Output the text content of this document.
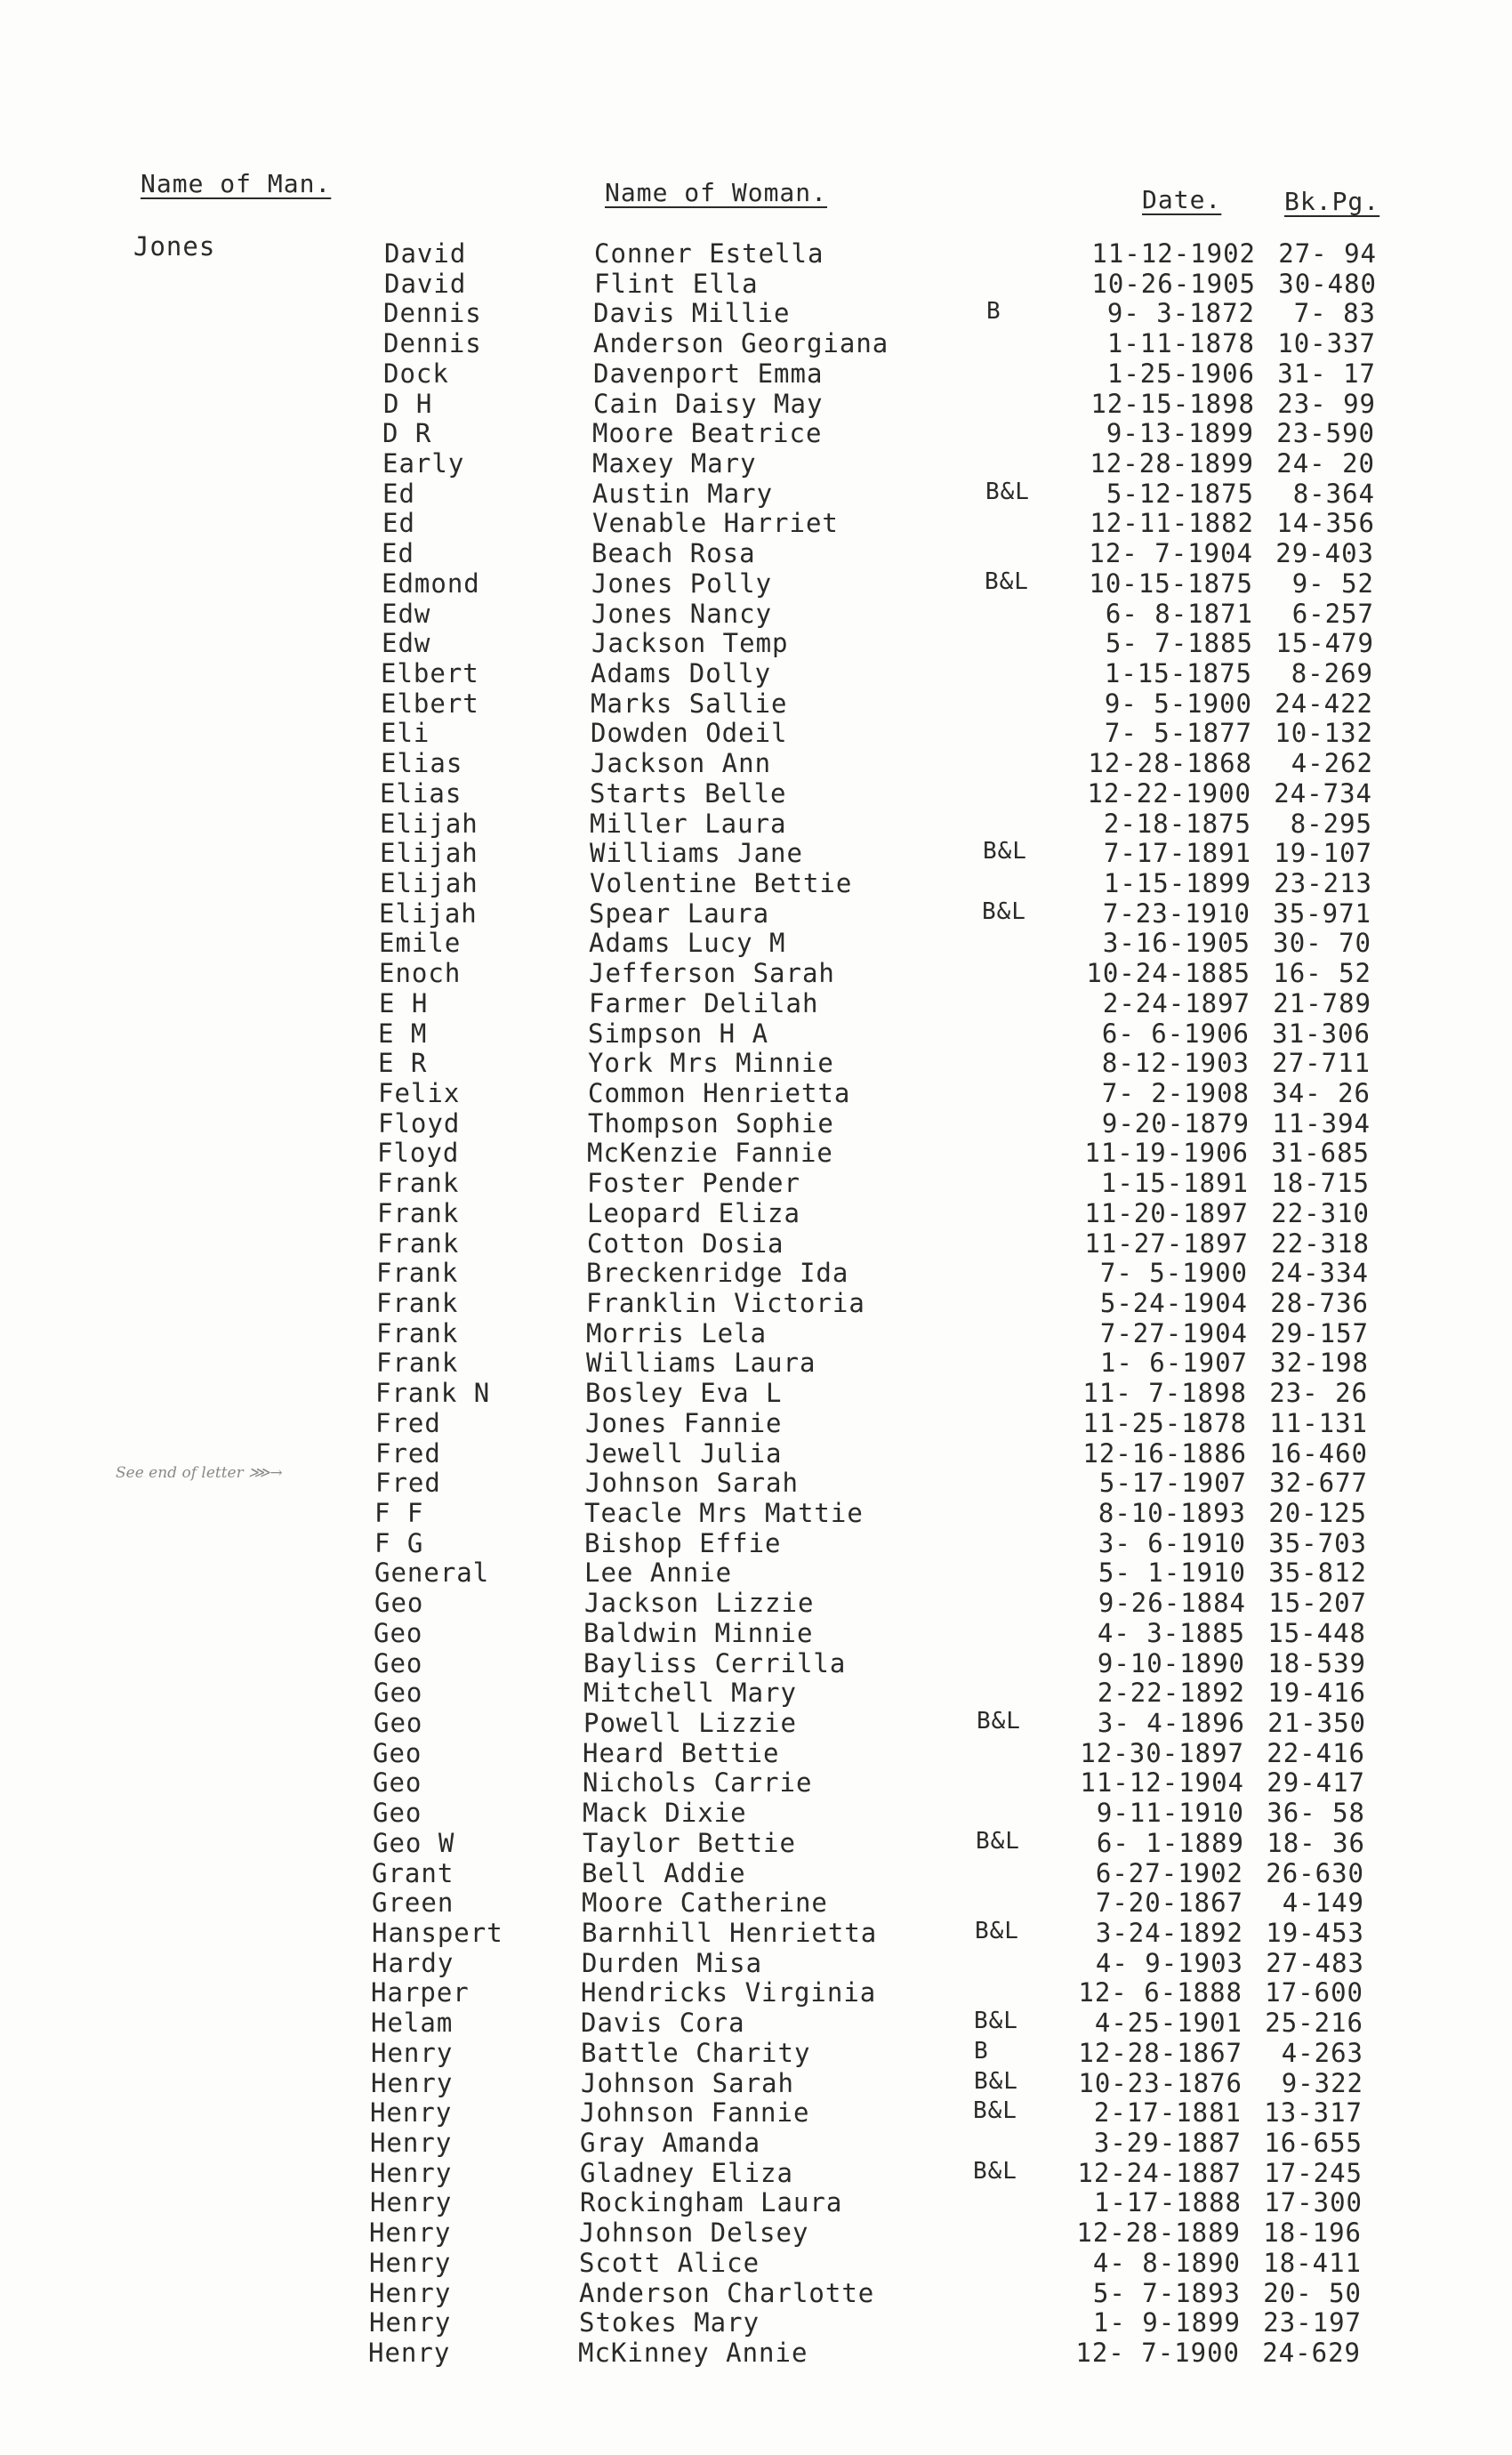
Name of Man.	Name of Woman.	Date.	Bk.Pg.
Jones
See end of letter ⋙→
David	Conner Estella	11-12-1902 27- 94
David	Flint Ella	10-26-1905 30-480
Dennis	Davis Millie	B	9- 3-1872	7- 83
Dennis	Anderson Georgiana	1-11-1878 10-337
Dock	Davenport Emma	1-25-1906 31- 17
D H	Cain Daisy May	12-15-1898 23- 99
D R	Moore Beatrice	9-13-1899 23-590
Early	Maxey Mary	12-28-1899 24- 20
Ed	Austin Mary	B&L	5-12-1875	8-364
Ed	Venable Harriet	12-11-1882 14-356
Ed	Beach Rosa	12- 7-1904 29-403
Edmond	Jones Polly	B&L	10-15-1875	9- 52
Edw	Jones Nancy	6- 8-1871	6-257
Edw	Jackson Temp	5- 7-1885 15-479
Elbert	Adams Dolly	1-15-1875	8-269
Elbert	Marks Sallie	9- 5-1900 24-422
Eli	Dowden Odeil	7- 5-1877 10-132
Elias	Jackson Ann	12-28-1868	4-262
Elias	Starts Belle	12-22-1900 24-734
Elijah	Miller Laura	2-18-1875	8-295
Elijah	Williams Jane	B&L	7-17-1891 19-107
Elijah	Volentine Bettie	1-15-1899 23-213
Elijah	Spear Laura	B&L	7-23-1910 35-971
Emile	Adams Lucy M	3-16-1905 30- 70
Enoch	Jefferson Sarah	10-24-1885 16- 52
E H	Farmer Delilah	2-24-1897 21-789
E M	Simpson H A	6- 6-1906 31-306
E R	York Mrs Minnie	8-12-1903 27-711
Felix	Common Henrietta	7- 2-1908 34- 26
Floyd	Thompson Sophie	9-20-1879 11-394
Floyd	McKenzie Fannie	11-19-1906 31-685
Frank	Foster Pender	1-15-1891 18-715
Frank	Leopard Eliza	11-20-1897 22-310
Frank	Cotton Dosia	11-27-1897 22-318
Frank	Breckenridge Ida	7- 5-1900 24-334
Frank	Franklin Victoria	5-24-1904 28-736
Frank	Morris Lela	7-27-1904 29-157
Frank	Williams Laura	1- 6-1907 32-198
Frank N	Bosley Eva L	11- 7-1898 23- 26
Fred	Jones Fannie	11-25-1878 11-131
Fred	Jewell Julia	12-16-1886 16-460
Fred	Johnson Sarah	5-17-1907 32-677
F F	Teacle Mrs Mattie	8-10-1893 20-125
F G	Bishop Effie	3- 6-1910 35-703
General	Lee Annie	5- 1-1910 35-812
Geo	Jackson Lizzie	9-26-1884 15-207
Geo	Baldwin Minnie	4- 3-1885 15-448
Geo	Bayliss Cerrilla	9-10-1890 18-539
Geo	Mitchell Mary	2-22-1892 19-416
Geo	Powell Lizzie	B&L	3- 4-1896 21-350
Geo	Heard Bettie	12-30-1897 22-416
Geo	Nichols Carrie	11-12-1904 29-417
Geo	Mack Dixie	9-11-1910 36- 58
Geo W	Taylor Bettie	B&L	6- 1-1889 18- 36
Grant	Bell Addie	6-27-1902 26-630
Green	Moore Catherine	7-20-1867	4-149
Hanspert	Barnhill Henrietta	B&L	3-24-1892 19-453
Hardy	Durden Misa	4- 9-1903 27-483
Harper	Hendricks Virginia	12- 6-1888 17-600
Helam	Davis Cora	B&L	4-25-1901 25-216
Henry	Battle Charity	B	12-28-1867	4-263
Henry	Johnson Sarah	B&L	10-23-1876	9-322
Henry	Johnson Fannie	B&L	2-17-1881 13-317
Henry	Gray Amanda	3-29-1887 16-655
Henry	Gladney Eliza	B&L	12-24-1887 17-245
Henry	Rockingham Laura	1-17-1888 17-300
Henry	Johnson Delsey	12-28-1889 18-196
Henry	Scott Alice	4- 8-1890 18-411
Henry	Anderson Charlotte	5- 7-1893 20- 50
Henry	Stokes Mary	1- 9-1899 23-197
Henry	McKinney Annie	12- 7-1900 24-629
